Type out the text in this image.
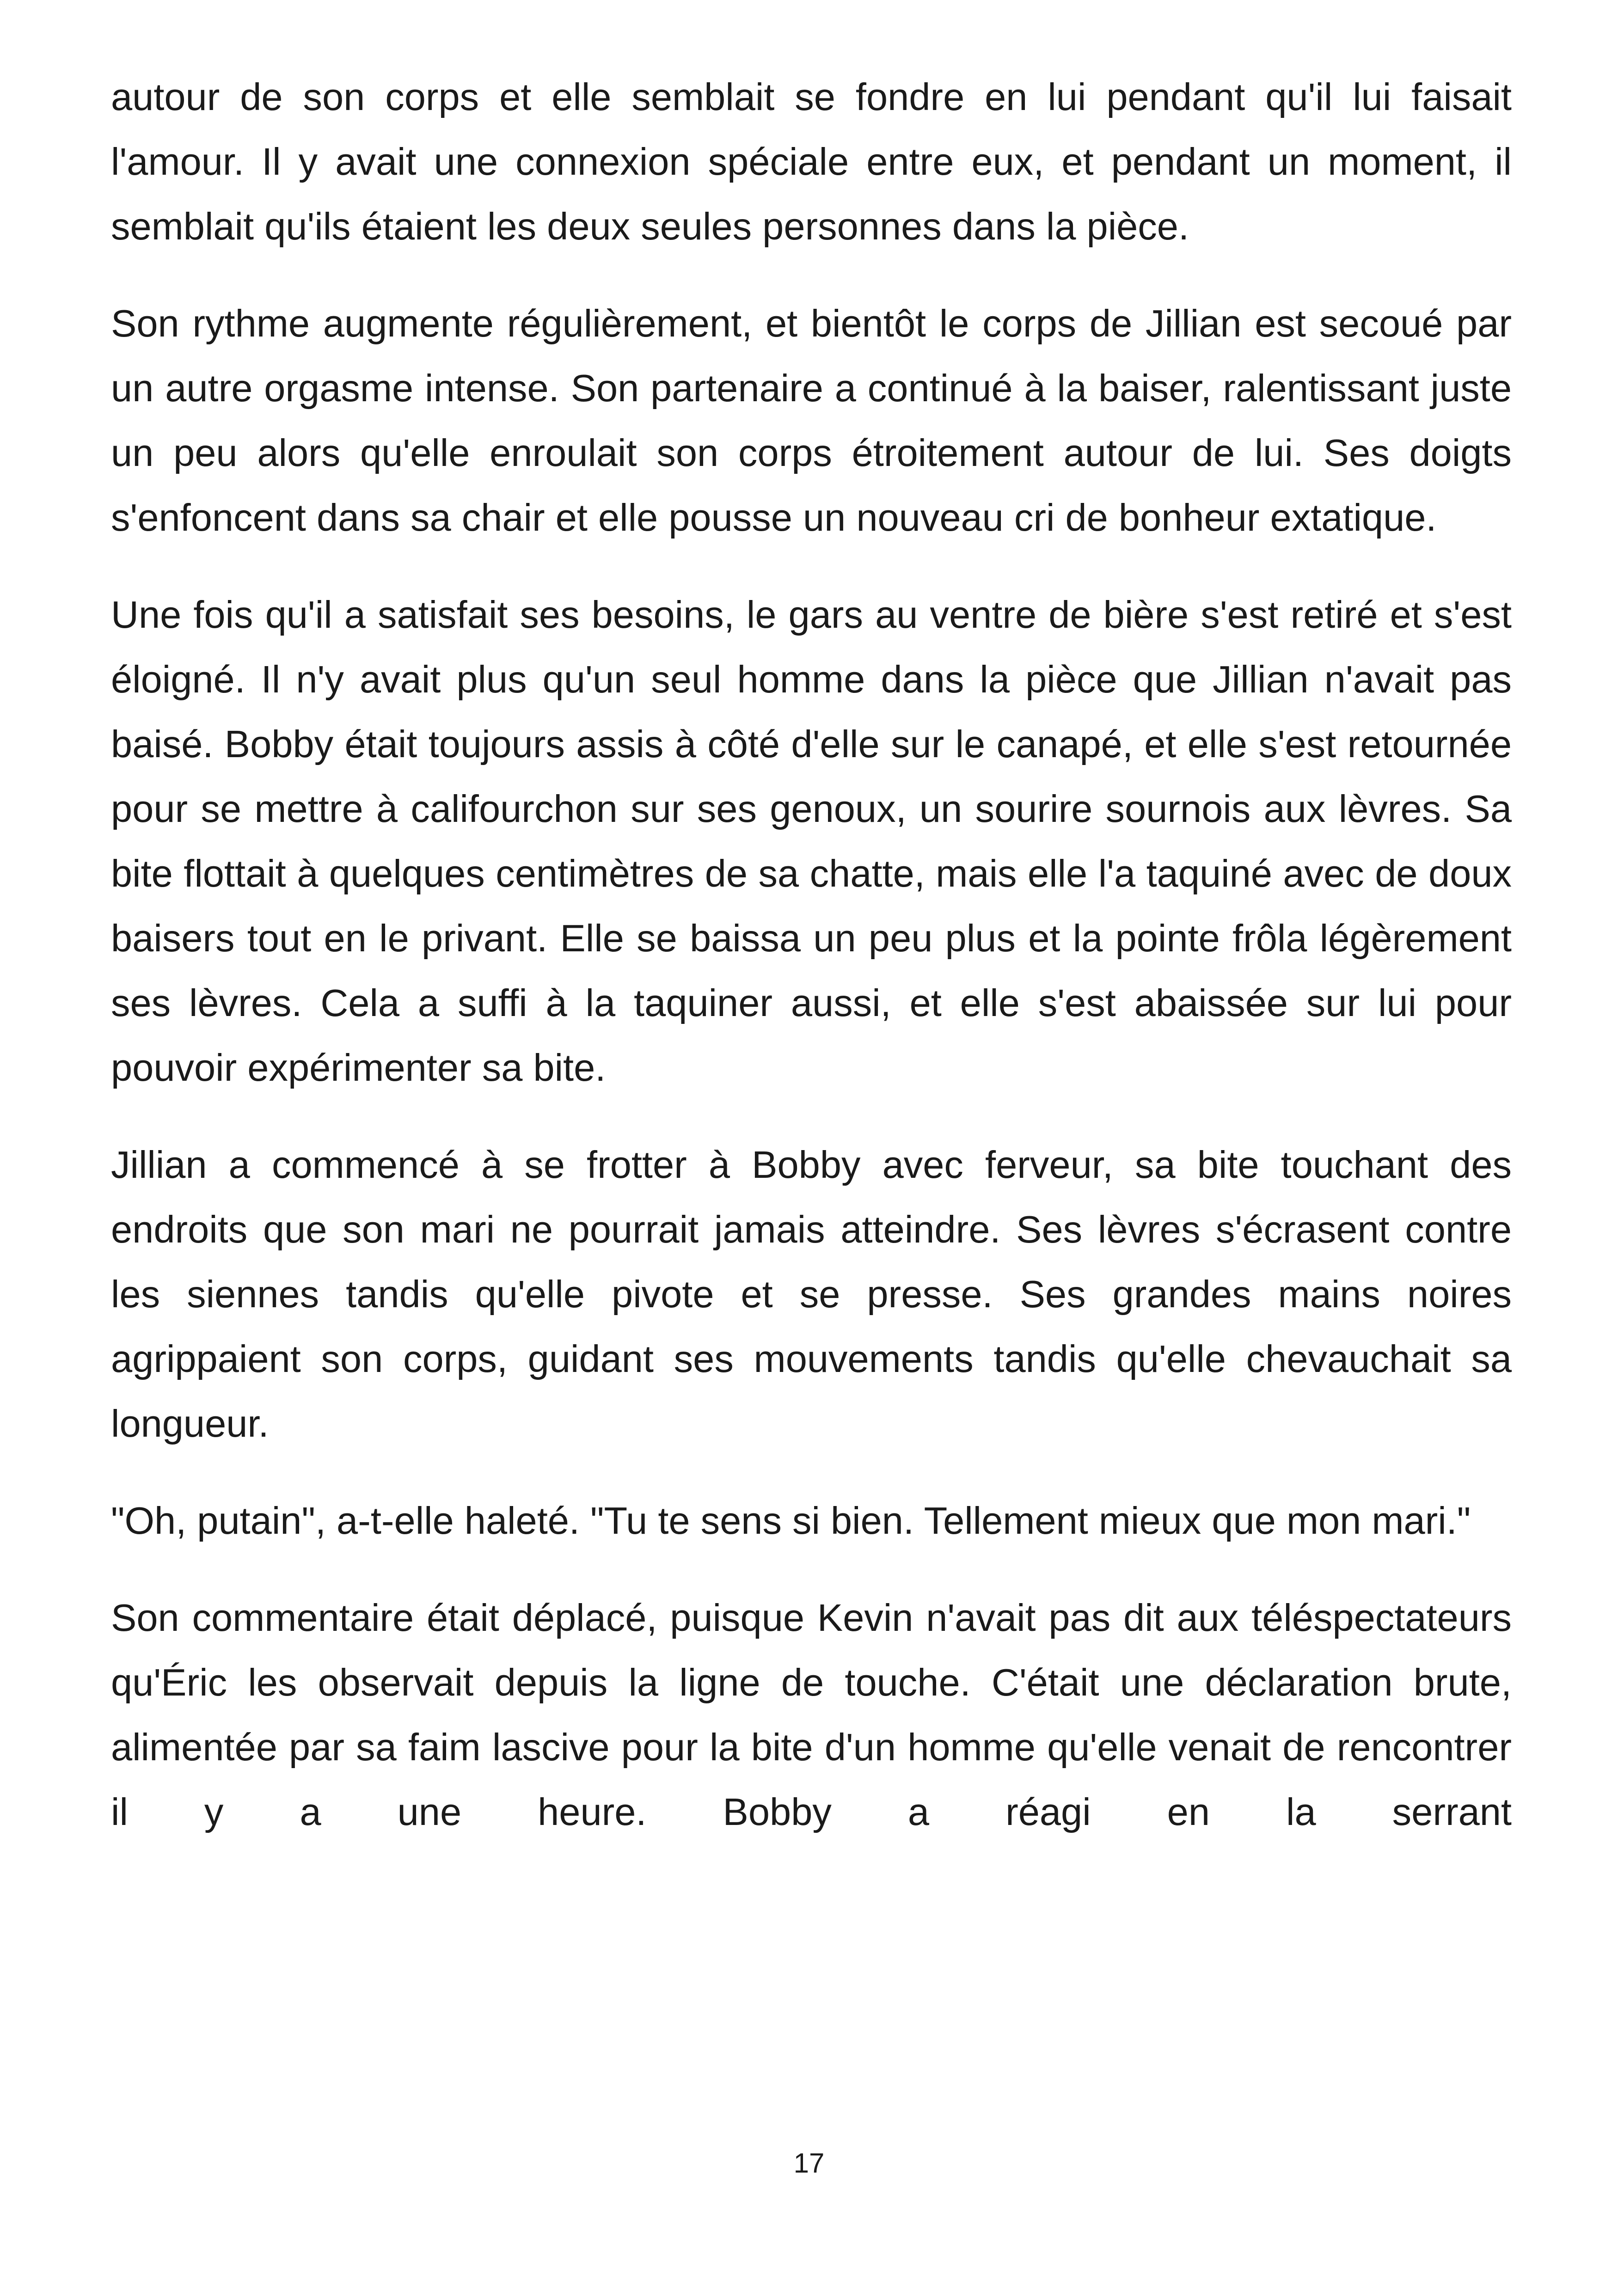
autour de son corps et elle semblait se fondre en lui pendant qu'il lui faisait l'amour. Il y avait une connexion spéciale entre eux, et pendant un moment, il semblait qu'ils étaient les deux seules personnes dans la pièce.

Son rythme augmente régulièrement, et bientôt le corps de Jillian est secoué par un autre orgasme intense. Son partenaire a continué à la baiser, ralentissant juste un peu alors qu'elle enroulait son corps étroitement autour de lui. Ses doigts s'enfoncent dans sa chair et elle pousse un nouveau cri de bonheur extatique.

Une fois qu'il a satisfait ses besoins, le gars au ventre de bière s'est retiré et s'est éloigné. Il n'y avait plus qu'un seul homme dans la pièce que Jillian n'avait pas baisé. Bobby était toujours assis à côté d'elle sur le canapé, et elle s'est retournée pour se mettre à califourchon sur ses genoux, un sourire sournois aux lèvres. Sa bite flottait à quelques centimètres de sa chatte, mais elle l'a taquiné avec de doux baisers tout en le privant. Elle se baissa un peu plus et la pointe frôla légèrement ses lèvres. Cela a suffi à la taquiner aussi, et elle s'est abaissée sur lui pour pouvoir expérimenter sa bite.

Jillian a commencé à se frotter à Bobby avec ferveur, sa bite touchant des endroits que son mari ne pourrait jamais atteindre. Ses lèvres s'écrasent contre les siennes tandis qu'elle pivote et se presse. Ses grandes mains noires agrippaient son corps, guidant ses mouvements tandis qu'elle chevauchait sa longueur.

"Oh, putain", a-t-elle haleté. "Tu te sens si bien. Tellement mieux que mon mari."

Son commentaire était déplacé, puisque Kevin n'avait pas dit aux téléspectateurs qu'Éric les observait depuis la ligne de touche. C'était une déclaration brute, alimentée par sa faim lascive pour la bite d'un homme qu'elle venait de rencontrer il y a une heure. Bobby a réagi en la serrant

17
